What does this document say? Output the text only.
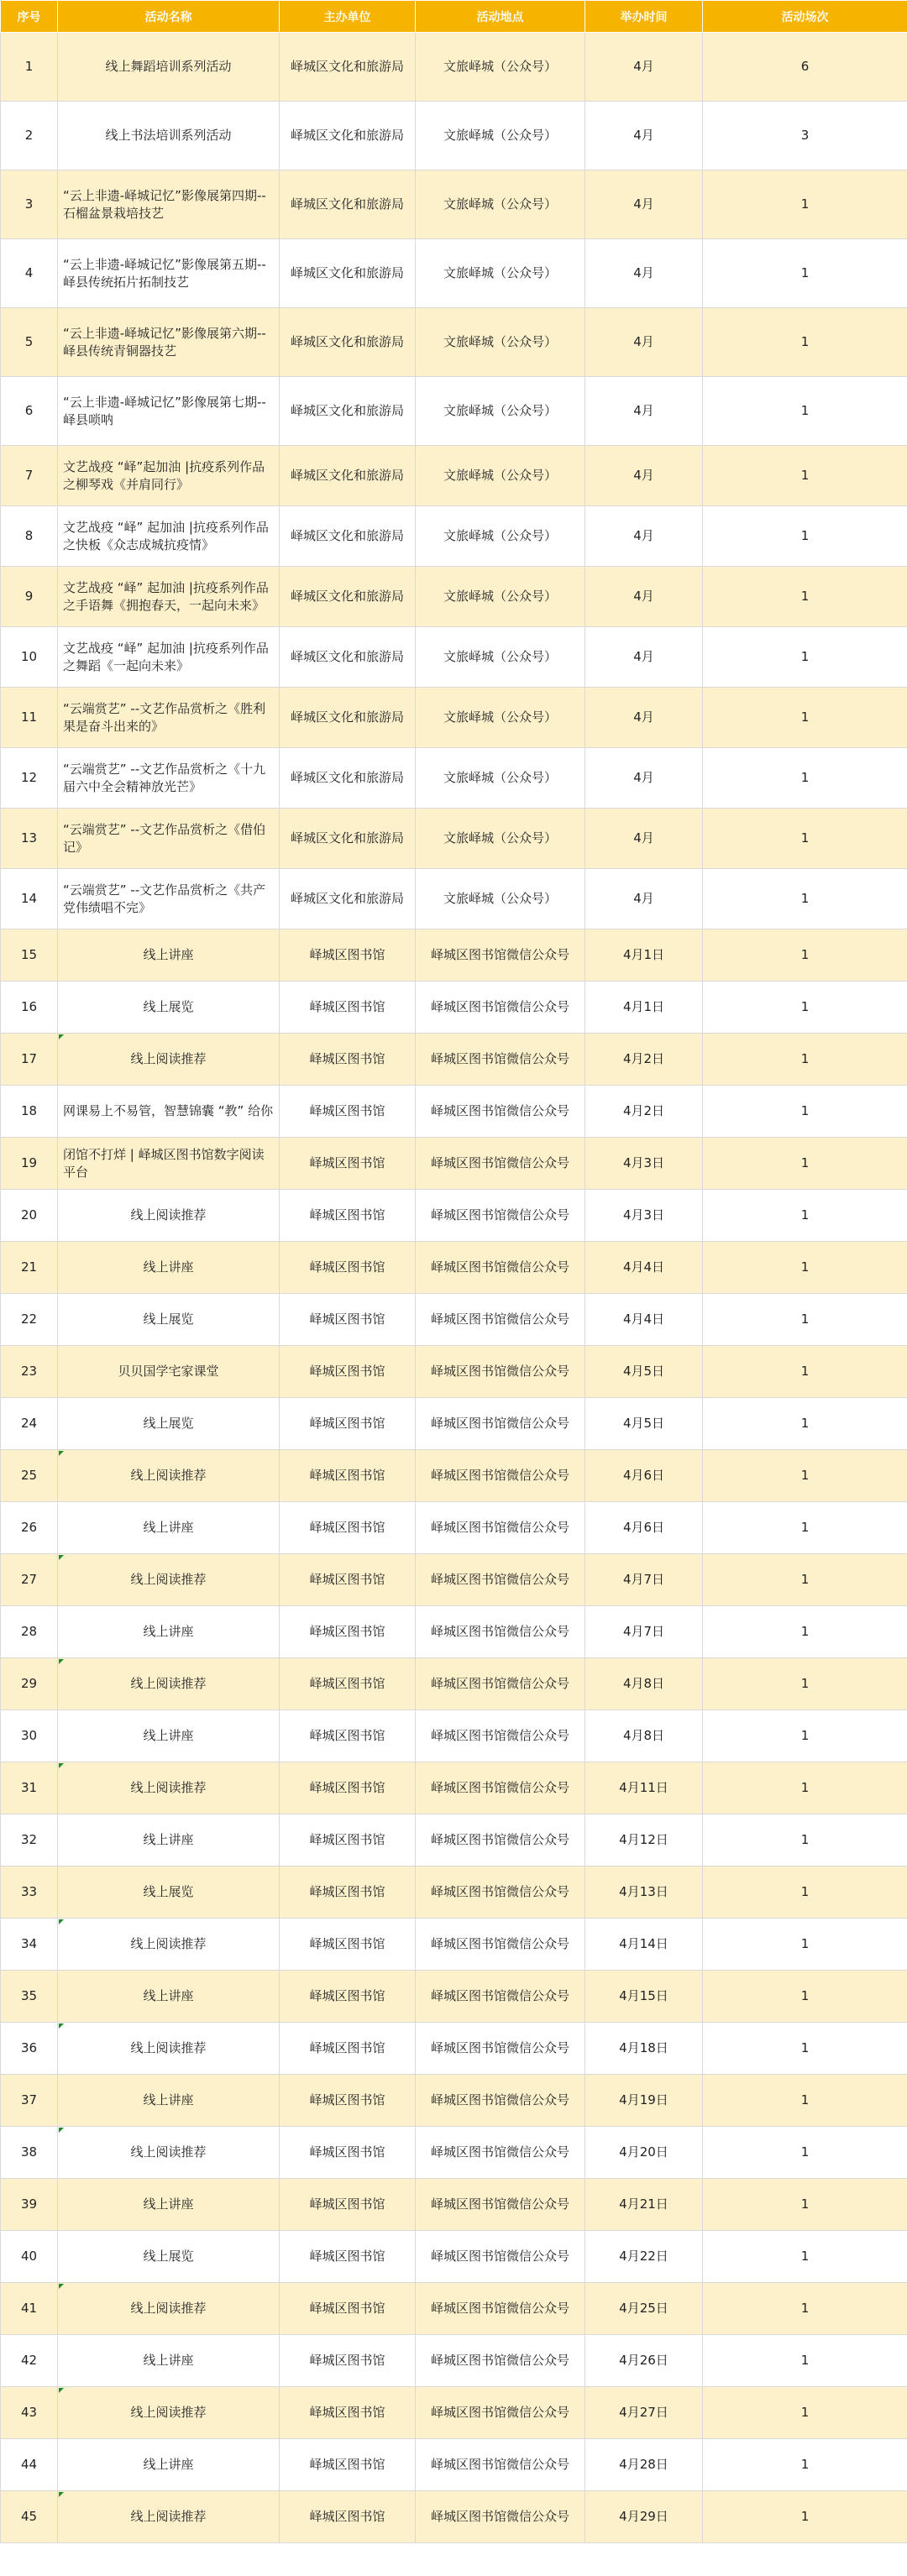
序号	活动名称	主办单位	活动地点	举办时间	活动场次
1	线上舞蹈培训系列活动	峄城区文化和旅游局	文旅峄城（公众号）	4月	6
2	线上书法培训系列活动	峄城区文化和旅游局	文旅峄城（公众号）	4月	3
3	“云上非遗-峄城记忆”影像展第四期--石榴盆景栽培技艺	峄城区文化和旅游局	文旅峄城（公众号）	4月	1
4	“云上非遗-峄城记忆”影像展第五期--峄县传统拓片拓制技艺	峄城区文化和旅游局	文旅峄城（公众号）	4月	1
5	“云上非遗-峄城记忆”影像展第六期--峄县传统青铜器技艺	峄城区文化和旅游局	文旅峄城（公众号）	4月	1
6	“云上非遗-峄城记忆”影像展第七期--峄县唢呐	峄城区文化和旅游局	文旅峄城（公众号）	4月	1
7	文艺战疫 “峄”起加油 |抗疫系列作品之柳琴戏《并肩同行》	峄城区文化和旅游局	文旅峄城（公众号）	4月	1
8	文艺战疫 “峄” 起加油 |抗疫系列作品之快板《众志成城抗疫情》	峄城区文化和旅游局	文旅峄城（公众号）	4月	1
9	文艺战疫 “峄” 起加油 |抗疫系列作品之手语舞《拥抱春天，一起向未来》	峄城区文化和旅游局	文旅峄城（公众号）	4月	1
10	文艺战疫 “峄” 起加油 |抗疫系列作品之舞蹈《一起向未来》	峄城区文化和旅游局	文旅峄城（公众号）	4月	1
11	“云端赏艺” --文艺作品赏析之《胜利果是奋斗出来的》	峄城区文化和旅游局	文旅峄城（公众号）	4月	1
12	“云端赏艺” --文艺作品赏析之《十九届六中全会精神放光芒》	峄城区文化和旅游局	文旅峄城（公众号）	4月	1
13	“云端赏艺” --文艺作品赏析之《借伯记》	峄城区文化和旅游局	文旅峄城（公众号）	4月	1
14	“云端赏艺” --文艺作品赏析之《共产党伟绩唱不完》	峄城区文化和旅游局	文旅峄城（公众号）	4月	1
15	线上讲座	峄城区图书馆	峄城区图书馆微信公众号	4月1日	1
16	线上展览	峄城区图书馆	峄城区图书馆微信公众号	4月1日	1
17	线上阅读推荐	峄城区图书馆	峄城区图书馆微信公众号	4月2日	1
18	网课易上不易管，智慧锦囊 “教” 给你	峄城区图书馆	峄城区图书馆微信公众号	4月2日	1
19	闭馆不打烊 | 峄城区图书馆数字阅读平台	峄城区图书馆	峄城区图书馆微信公众号	4月3日	1
20	线上阅读推荐	峄城区图书馆	峄城区图书馆微信公众号	4月3日	1
21	线上讲座	峄城区图书馆	峄城区图书馆微信公众号	4月4日	1
22	线上展览	峄城区图书馆	峄城区图书馆微信公众号	4月4日	1
23	贝贝国学宅家课堂	峄城区图书馆	峄城区图书馆微信公众号	4月5日	1
24	线上展览	峄城区图书馆	峄城区图书馆微信公众号	4月5日	1
25	线上阅读推荐	峄城区图书馆	峄城区图书馆微信公众号	4月6日	1
26	线上讲座	峄城区图书馆	峄城区图书馆微信公众号	4月6日	1
27	线上阅读推荐	峄城区图书馆	峄城区图书馆微信公众号	4月7日	1
28	线上讲座	峄城区图书馆	峄城区图书馆微信公众号	4月7日	1
29	线上阅读推荐	峄城区图书馆	峄城区图书馆微信公众号	4月8日	1
30	线上讲座	峄城区图书馆	峄城区图书馆微信公众号	4月8日	1
31	线上阅读推荐	峄城区图书馆	峄城区图书馆微信公众号	4月11日	1
32	线上讲座	峄城区图书馆	峄城区图书馆微信公众号	4月12日	1
33	线上展览	峄城区图书馆	峄城区图书馆微信公众号	4月13日	1
34	线上阅读推荐	峄城区图书馆	峄城区图书馆微信公众号	4月14日	1
35	线上讲座	峄城区图书馆	峄城区图书馆微信公众号	4月15日	1
36	线上阅读推荐	峄城区图书馆	峄城区图书馆微信公众号	4月18日	1
37	线上讲座	峄城区图书馆	峄城区图书馆微信公众号	4月19日	1
38	线上阅读推荐	峄城区图书馆	峄城区图书馆微信公众号	4月20日	1
39	线上讲座	峄城区图书馆	峄城区图书馆微信公众号	4月21日	1
40	线上展览	峄城区图书馆	峄城区图书馆微信公众号	4月22日	1
41	线上阅读推荐	峄城区图书馆	峄城区图书馆微信公众号	4月25日	1
42	线上讲座	峄城区图书馆	峄城区图书馆微信公众号	4月26日	1
43	线上阅读推荐	峄城区图书馆	峄城区图书馆微信公众号	4月27日	1
44	线上讲座	峄城区图书馆	峄城区图书馆微信公众号	4月28日	1
45	线上阅读推荐	峄城区图书馆	峄城区图书馆微信公众号	4月29日	1
